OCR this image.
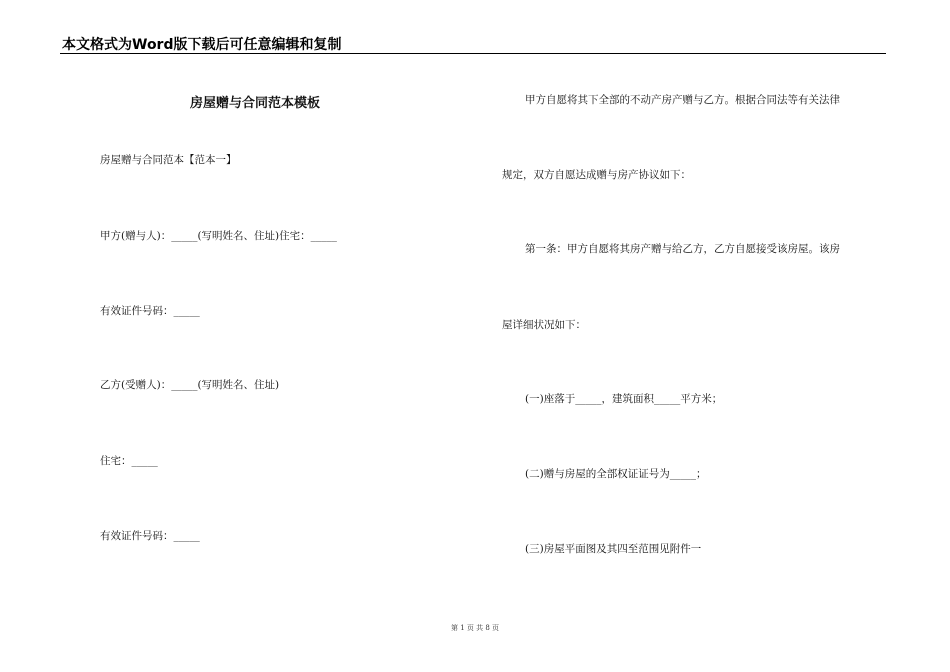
本文格式为Word版下载后可任意编辑和复制
房屋赠与合同范本模板
房屋赠与合同范本【范本一】
甲方(赠与人)：_____(写明姓名、住址)住宅：_____
有效证件号码：_____
乙方(受赠人)：_____(写明姓名、住址)
住宅：_____
有效证件号码：_____
甲方自愿将其下全部的不动产房产赠与乙方。根据合同法等有关法律
规定，双方自愿达成赠与房产协议如下：
第一条：甲方自愿将其房产赠与给乙方，乙方自愿接受该房屋。该房
屋详细状况如下：
(一)座落于_____，建筑面积_____平方米；
(二)赠与房屋的全部权证证号为_____；
(三)房屋平面图及其四至范围见附件一
第 1 页 共 8 页
